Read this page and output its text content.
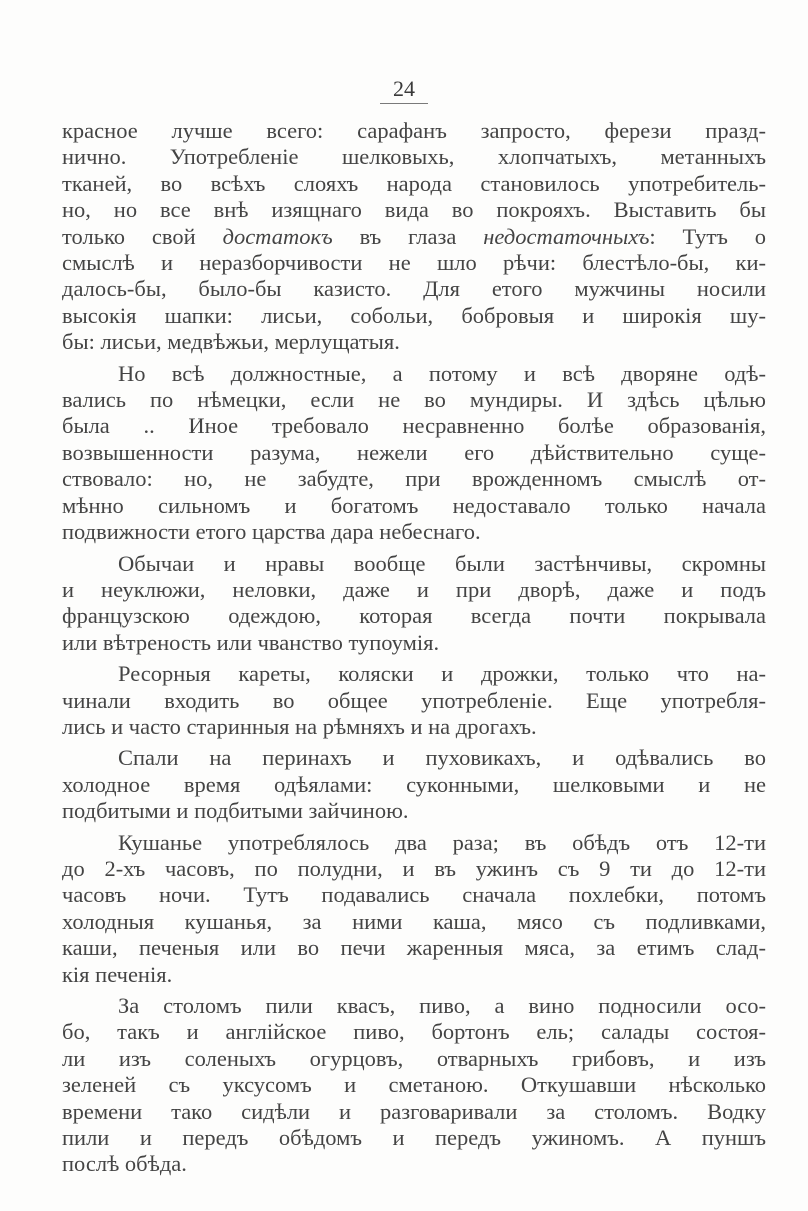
24
красное лучше всего: сарафанъ запросто, ферези празд-
нично. Употребленіе шелковыхь, хлопчатыхъ, метанныхъ
тканей, во всѣхъ слояхъ народа становилось употребитель-
но, но все внѣ изящнаго вида во покрояхъ. Выставить бы
только свой достатокъ въ глаза недостаточныхъ: Тутъ о
смыслѣ и неразборчивости не шло рѣчи: блестѣло-бы, ки-
далось-бы, было-бы казисто. Для етого мужчины носили
высокія шапки: лисьи, собольи, бобровыя и широкія шу-
бы: лисьи, медвѣжьи, мерлущатыя.
Но всѣ должностные, а потому и всѣ дворяне одѣ-
вались по нѣмецки, если не во мундиры. И здѣсь цѣлью
была .. Иное требовало несравненно болѣе образованія,
возвышенности разума, нежели его дѣйствительно суще-
ствовало: но, не забудте, при врожденномъ смыслѣ от-
мѣнно сильномъ и богатомъ недоставало только начала
подвижности етого царства дара небеснаго.
Обычаи и нравы вообще были застѣнчивы, скромны
и неуклюжи, неловки, даже и при дворѣ, даже и подъ
французскою одеждою, которая всегда почти покрывала
или вѣтреность или чванство тупоумія.
Ресорныя кареты, коляски и дрожки, только что на-
чинали входить во общее употребленіе. Еще употребля-
лись и часто старинныя на рѣмняхъ и на дрогахъ.
Спали на перинахъ и пуховикахъ, и одѣвались во
холодное время одѣялами: суконными, шелковыми и не
подбитыми и подбитыми зайчиною.
Кушанье употреблялось два раза; въ обѣдъ отъ 12-ти
до 2-хъ часовъ, по полудни, и въ ужинъ съ 9 ти до 12-ти
часовъ ночи. Тутъ подавались сначала похлебки, потомъ
холодныя кушанья, за ними каша, мясо съ подливками,
каши, печеныя или во печи жаренныя мяса, за етимъ слад-
кія печенія.
За столомъ пили квасъ, пиво, а вино подносили осо-
бо, такъ и англійское пиво, бортонъ ель; салады состоя-
ли изъ соленыхъ огурцовъ, отварныхъ грибовъ, и изъ
зеленей съ уксусомъ и сметаною. Откушавши нѣсколько
времени тако сидѣли и разговаривали за столомъ. Водку
пили и передъ обѣдомъ и передъ ужиномъ. А пуншъ
послѣ обѣда.
